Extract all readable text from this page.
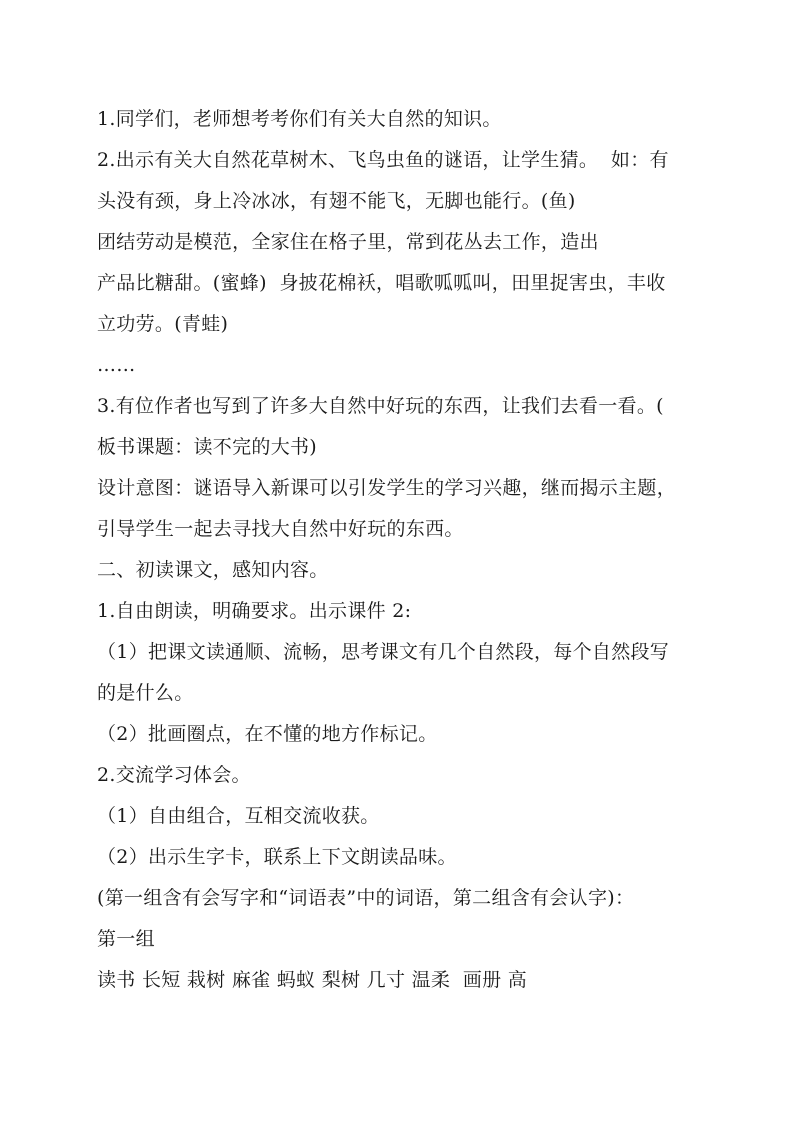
1.同学们，老师想考考你们有关大自然的知识。
2.出示有关大自然花草树木、飞鸟虫鱼的谜语，让学生猜。  如：有
头没有颈，身上冷冰冰，有翅不能飞，无脚也能行。(鱼)
团结劳动是模范，全家住在格子里，常到花丛去工作，造出
产品比糖甜。(蜜蜂)  身披花棉袄，唱歌呱呱叫，田里捉害虫，丰收
立功劳。(青蛙)
……
3.有位作者也写到了许多大自然中好玩的东西，让我们去看一看。(
板书课题：读不完的大书)
设计意图：谜语导入新课可以引发学生的学习兴趣，继而揭示主题，
引导学生一起去寻找大自然中好玩的东西。
二、初读课文，感知内容。
1.自由朗读，明确要求。出示课件 2:
（1）把课文读通顺、流畅，思考课文有几个自然段，每个自然段写
的是什么。
（2）批画圈点，在不懂的地方作标记。
2.交流学习体会。
（1）自由组合，互相交流收获。
（2）出示生字卡，联系上下文朗读品味。
(第一组含有会写字和“词语表”中的词语，第二组含有会认字)：
第一组
读书 长短 栽树 麻雀 蚂蚁 梨树 几寸 温柔  画册 高
